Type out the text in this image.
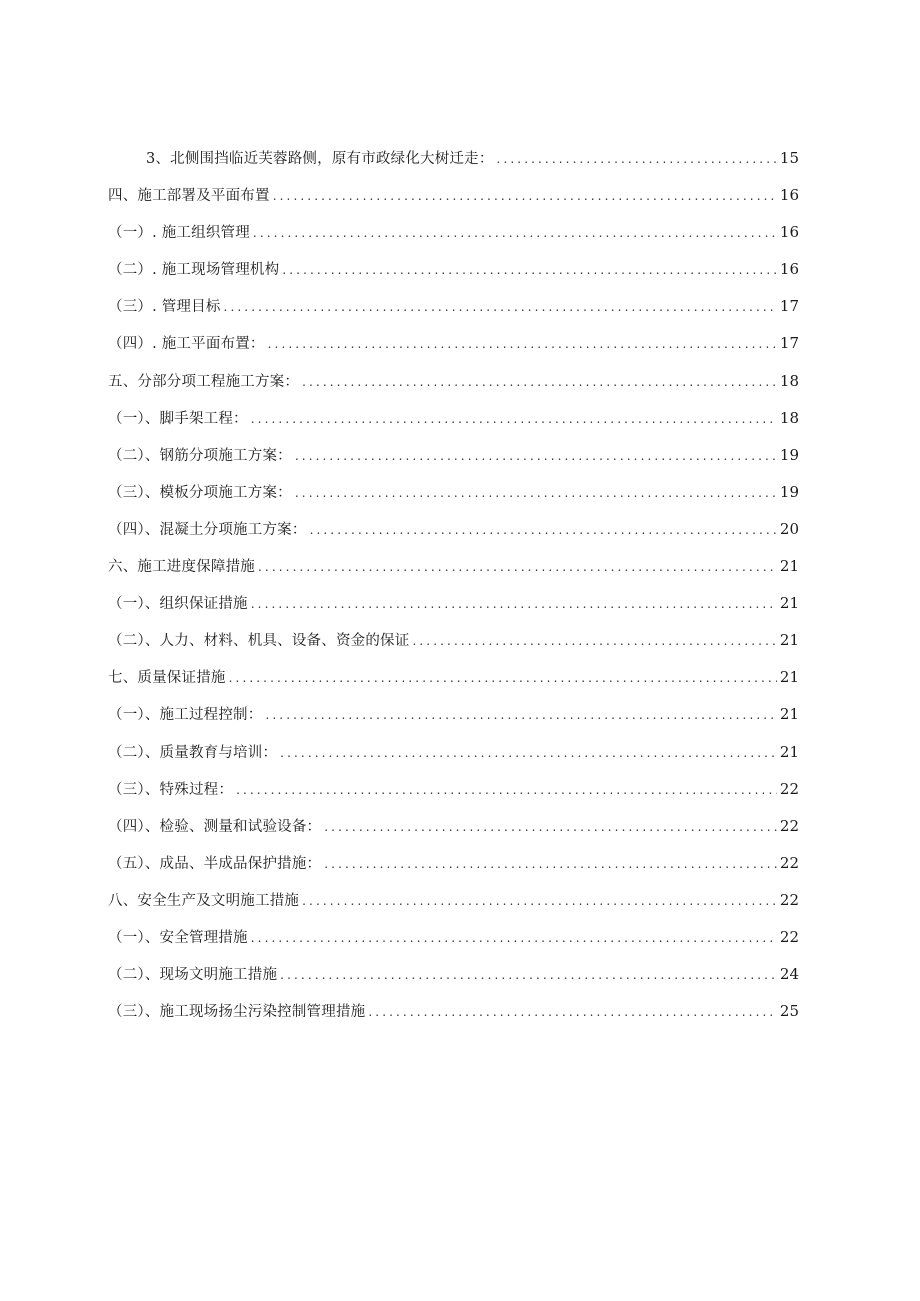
3、北侧围挡临近芙蓉路侧，原有市政绿化大树迁走： .....	15
四、施工部署及平面布置 .....	16
（一）. 施工组织管理 .....	16
（二）. 施工现场管理机构 .....	16
（三）. 管理目标 .....	17
（四）. 施工平面布置： .....	17
五、分部分项工程施工方案： .....	18
（一）、脚手架工程： .....	18
（二）、钢筋分项施工方案： .....	19
（三）、模板分项施工方案： .....	19
（四）、混凝土分项施工方案： .....	20
六、施工进度保障措施 .....	21
（一）、组织保证措施 .....	21
（二）、人力、材料、机具、设备、资金的保证 .....	21
七、质量保证措施 .....	21
（一）、施工过程控制： .....	21
（二）、质量教育与培训： .....	21
（三）、特殊过程： .....	22
（四）、检验、测量和试验设备： .....	22
（五）、成品、半成品保护措施： .....	22
八、安全生产及文明施工措施 .....	22
（一）、安全管理措施 .....	22
（二）、现场文明施工措施 .....	24
（三）、施工现场扬尘污染控制管理措施 .....	25
